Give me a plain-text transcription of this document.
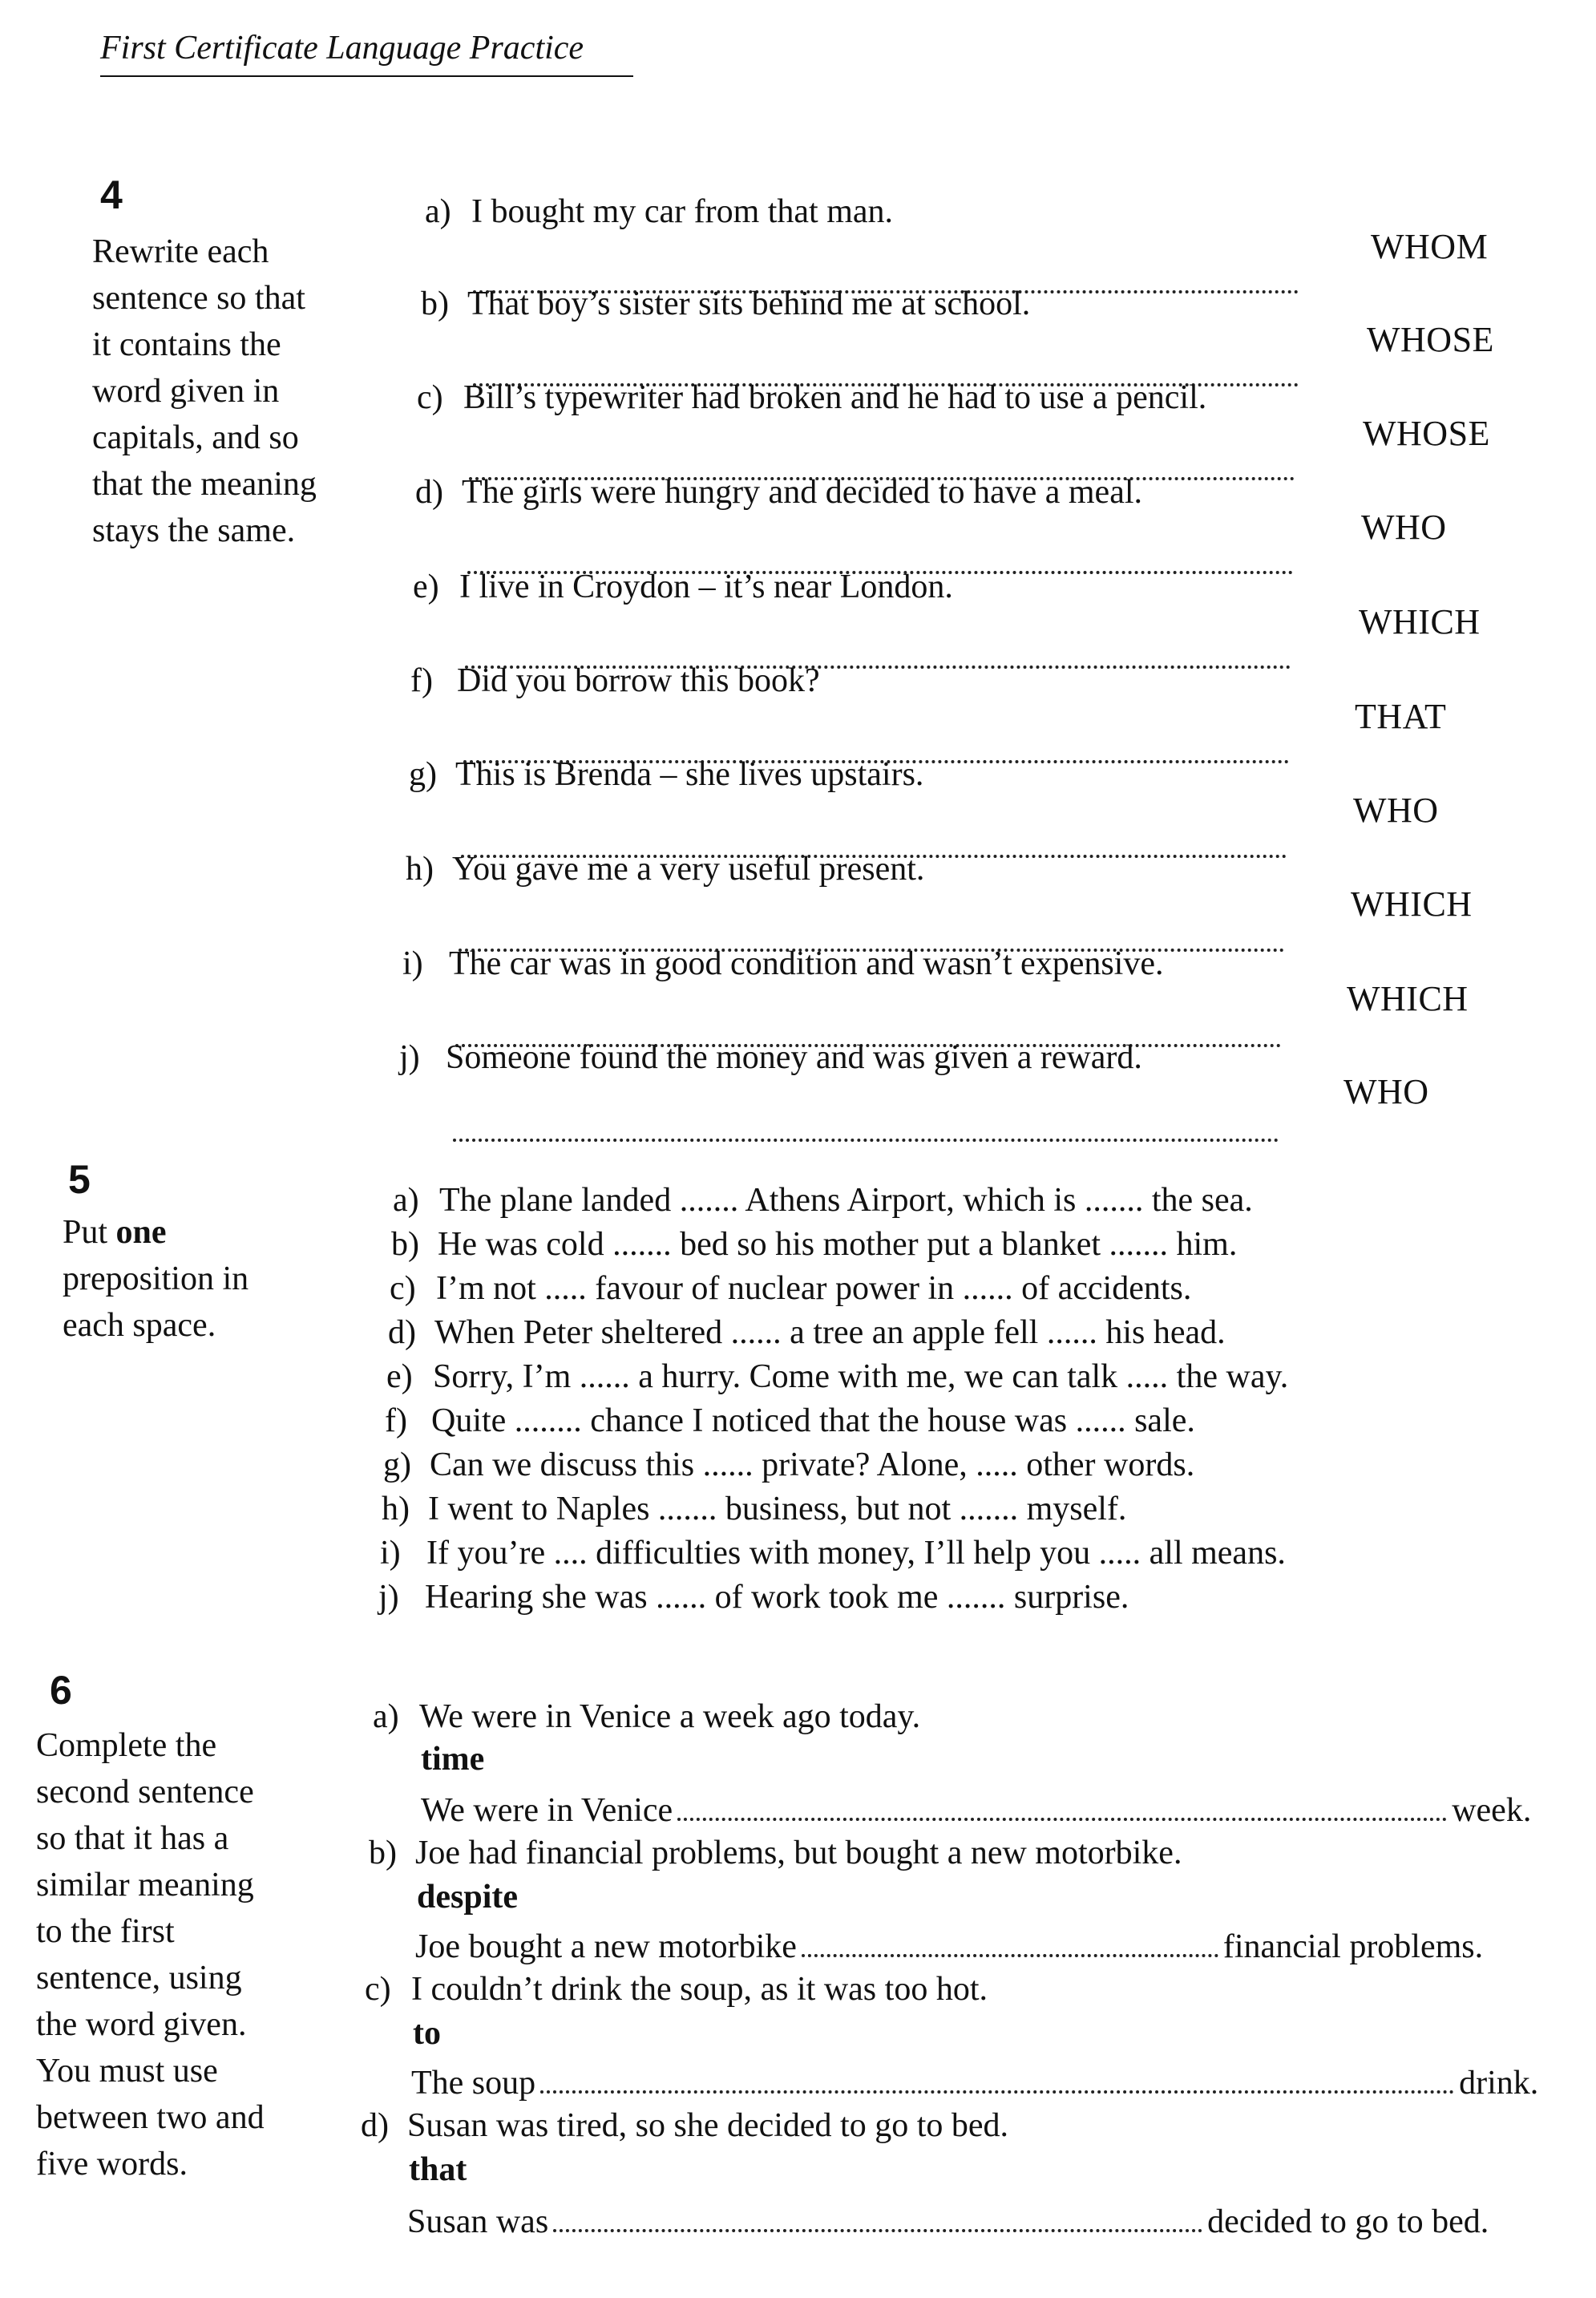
First Certificate Language Practice
4
Rewrite each
sentence so that
it contains the
word given in
capitals, and so
that the meaning
stays the same.
a) I bought my car from that man.
WHOM
b) That boy’s sister sits behind me at school.
WHOSE
c) Bill’s typewriter had broken and he had to use a pencil.
WHOSE
d) The girls were hungry and decided to have a meal.
WHO
e) I live in Croydon – it’s near London.
WHICH
f) Did you borrow this book?
THAT
g) This is Brenda – she lives upstairs.
WHO
h) You gave me a very useful present.
WHICH
i) The car was in good condition and wasn’t expensive.
WHICH
j) Someone found the money and was given a reward.
WHO
5
Put one
preposition in
each space.
a) The plane landed ....... Athens Airport, which is ....... the sea.
b) He was cold ....... bed so his mother put a blanket ....... him.
c) I’m not ..... favour of nuclear power in ...... of accidents.
d) When Peter sheltered ...... a tree an apple fell ...... his head.
e) Sorry, I’m ...... a hurry. Come with me, we can talk ..... the way.
f) Quite ........ chance I noticed that the house was ...... sale.
g) Can we discuss this ...... private? Alone, ..... other words.
h) I went to Naples ....... business, but not ....... myself.
i) If you’re .... difficulties with money, I’ll help you ..... all means.
j) Hearing she was ...... of work took me ....... surprise.
6
Complete the
second sentence
so that it has a
similar meaning
to the first
sentence, using
the word given.
You must use
between two and
five words.
a) We were in Venice a week ago today.
time
We were in Venice	week.
b) Joe had financial problems, but bought a new motorbike.
despite
Joe bought a new motorbike	financial problems.
c) I couldn’t drink the soup, as it was too hot.
to
The soup	drink.
d) Susan was tired, so she decided to go to bed.
that
Susan was	decided to go to bed.
